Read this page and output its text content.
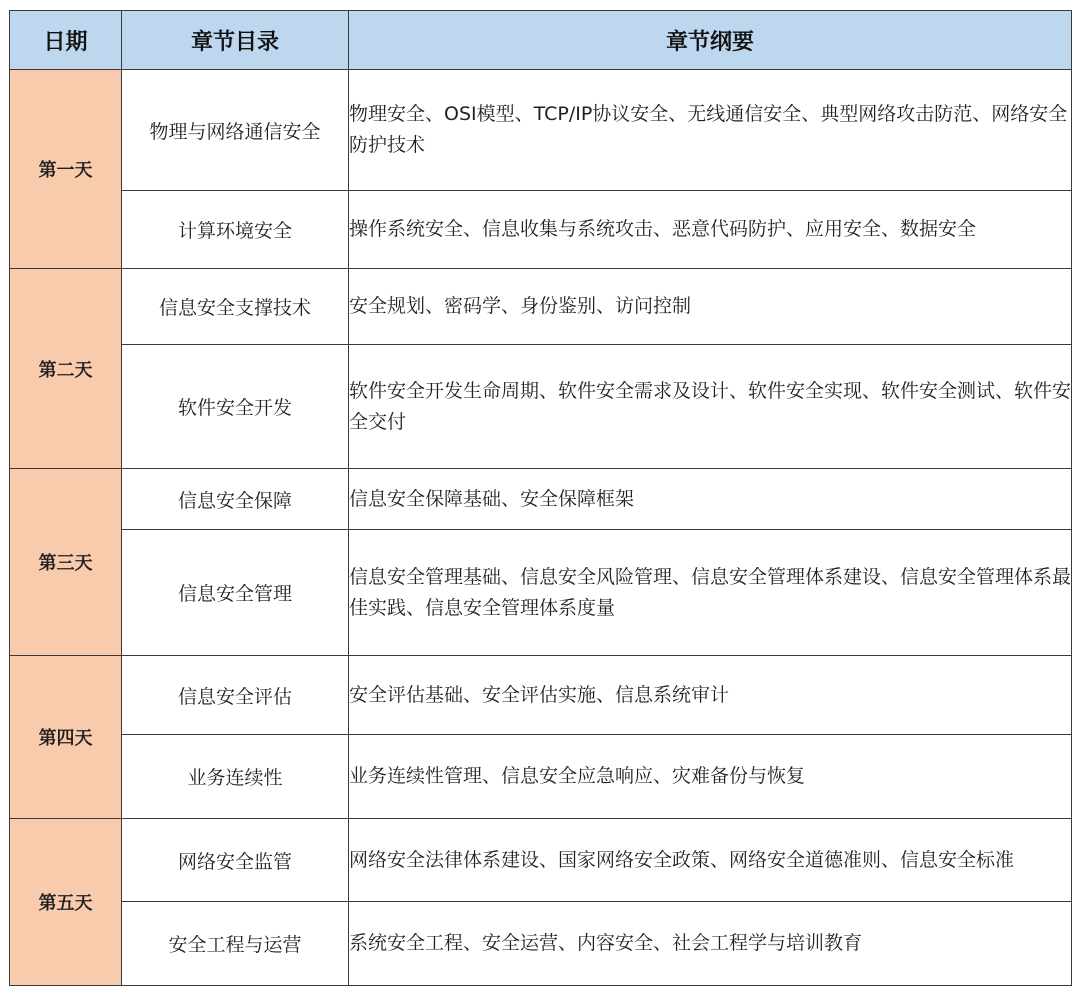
日期	章节目录	章节纲要
第一天	物理与网络通信安全	物理安全、OSI模型、TCP/IP协议安全、无线通信安全、典型网络攻击防范、网络安全防护技术
	计算环境安全	操作系统安全、信息收集与系统攻击、恶意代码防护、应用安全、数据安全
第二天	信息安全支撑技术	安全规划、密码学、身份鉴别、访问控制
	软件安全开发	软件安全开发生命周期、软件安全需求及设计、软件安全实现、软件安全测试、软件安全交付
第三天	信息安全保障	信息安全保障基础、安全保障框架
	信息安全管理	信息安全管理基础、信息安全风险管理、信息安全管理体系建设、信息安全管理体系最佳实践、信息安全管理体系度量
第四天	信息安全评估	安全评估基础、安全评估实施、信息系统审计
	业务连续性	业务连续性管理、信息安全应急响应、灾难备份与恢复
第五天	网络安全监管	网络安全法律体系建设、国家网络安全政策、网络安全道德准则、信息安全标准
	安全工程与运营	系统安全工程、安全运营、内容安全、社会工程学与培训教育
